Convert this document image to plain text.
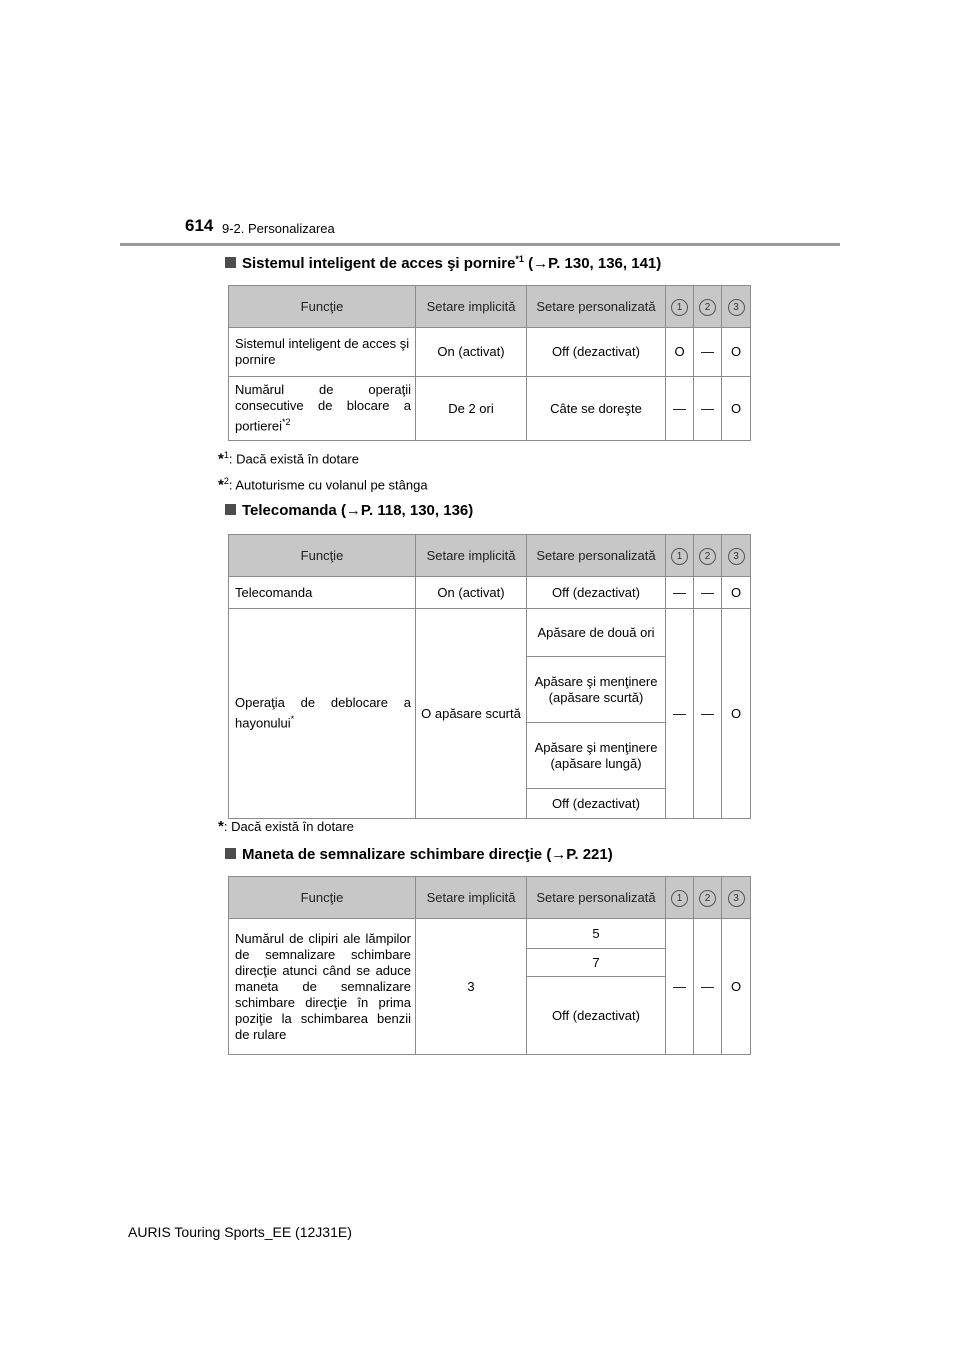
614 9-2. Personalizarea
Sistemul inteligent de acces şi pornire$^{*1}$ (→P. 130, 136, 141)
Funcţie	Setare implicită	Setare personalizată	1	2	3
Sistemul inteligent de acces şi pornire	On (activat)	Off (dezactivat)	O	—	O
Numărul de operaţii consecutive de blocare a portierei$^{*2}$	De 2 ori	Câte se doreşte	—	—	O
*$^1$: Dacă există în dotare
*$^2$: Autoturisme cu volanul pe stânga
Telecomanda (→P. 118, 130, 136)
Funcţie	Setare implicită	Setare personalizată	1	2	3
Telecomanda	On (activat)	Off (dezactivat)	—	—	O
Operaţia de deblocare a hayonului*	O apăsare scurtă	Apăsare de două ori	—	—	O
		Apăsare şi menţinere (apăsare scurtă)			
		Apăsare şi menţinere (apăsare lungă)			
		Off (dezactivat)			
*: Dacă există în dotare
Maneta de semnalizare schimbare direcţie (→P. 221)
Funcţie	Setare implicită	Setare personalizată	1	2	3
Numărul de clipiri ale lămpilor de semnalizare schimbare direcţie atunci când se aduce maneta de semnalizare schimbare direcţie în prima poziţie la schimbarea benzii de rulare	3	5	—	—	O
		7			
		Off (dezactivat)			
AURIS Touring Sports_EE (12J31E)
